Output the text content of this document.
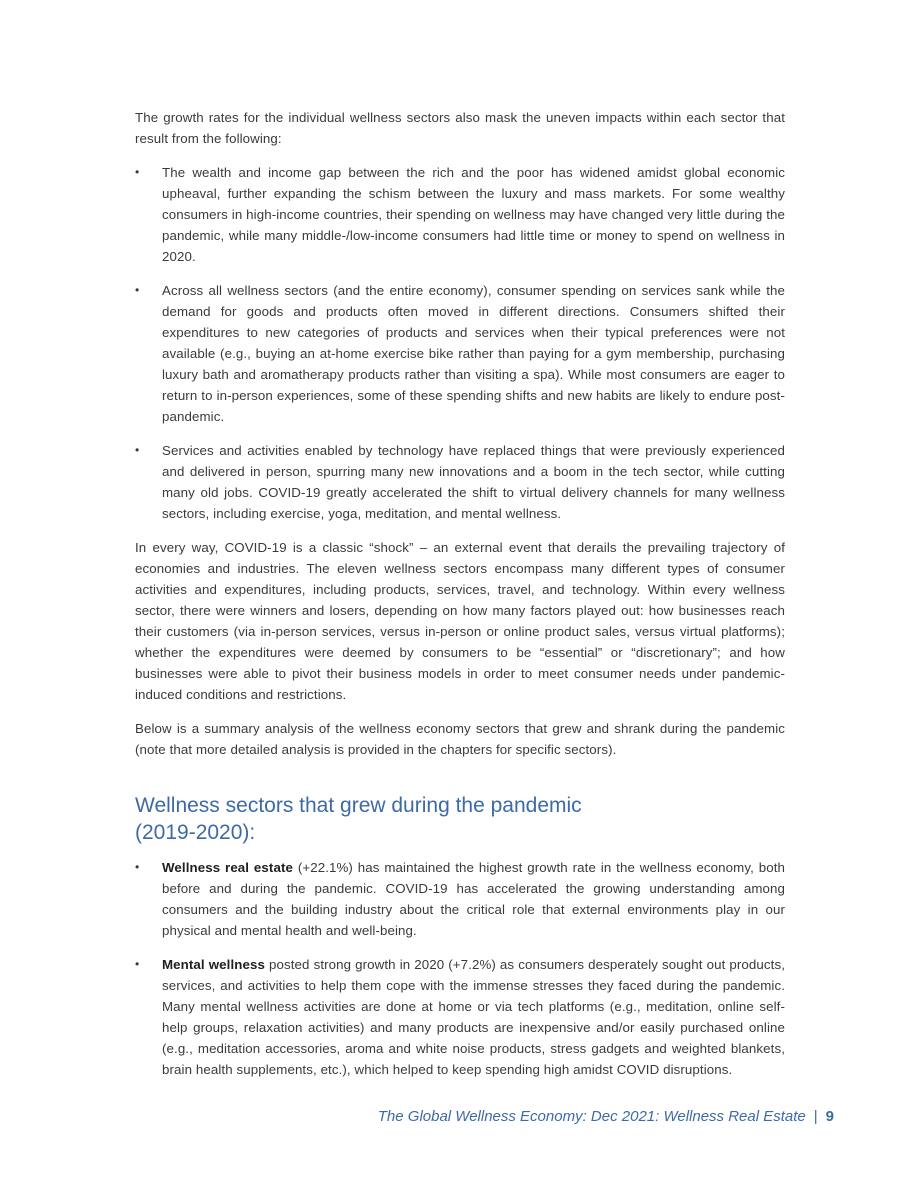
The growth rates for the individual wellness sectors also mask the uneven impacts within each sector that result from the following:

•	The wealth and income gap between the rich and the poor has widened amidst global economic upheaval, further expanding the schism between the luxury and mass markets. For some wealthy consumers in high-income countries, their spending on wellness may have changed very little during the pandemic, while many middle-/low-income consumers had little time or money to spend on wellness in 2020.
•	Across all wellness sectors (and the entire economy), consumer spending on services sank while the demand for goods and products often moved in different directions. Consumers shifted their expenditures to new categories of products and services when their typical preferences were not available (e.g., buying an at-home exercise bike rather than paying for a gym membership, purchasing luxury bath and aromatherapy products rather than visiting a spa). While most consumers are eager to return to in-person experiences, some of these spending shifts and new habits are likely to endure post-pandemic.
•	Services and activities enabled by technology have replaced things that were previously experienced and delivered in person, spurring many new innovations and a boom in the tech sector, while cutting many old jobs. COVID-19 greatly accelerated the shift to virtual delivery channels for many wellness sectors, including exercise, yoga, meditation, and mental wellness.

In every way, COVID-19 is a classic “shock” – an external event that derails the prevailing trajectory of economies and industries. The eleven wellness sectors encompass many different types of consumer activities and expenditures, including products, services, travel, and technology. Within every wellness sector, there were winners and losers, depending on how many factors played out: how businesses reach their customers (via in-person services, versus in-person or online product sales, versus virtual platforms); whether the expenditures were deemed by consumers to be “essential” or “discretionary”; and how businesses were able to pivot their business models in order to meet consumer needs under pandemic-induced conditions and restrictions.

Below is a summary analysis of the wellness economy sectors that grew and shrank during the pandemic (note that more detailed analysis is provided in the chapters for specific sectors).

Wellness sectors that grew during the pandemic
(2019-2020):
•	Wellness real estate (+22.1%) has maintained the highest growth rate in the wellness economy, both before and during the pandemic. COVID-19 has accelerated the growing understanding among consumers and the building industry about the critical role that external environments play in our physical and mental health and well-being.
•	Mental wellness posted strong growth in 2020 (+7.2%) as consumers desperately sought out products, services, and activities to help them cope with the immense stresses they faced during the pandemic. Many mental wellness activities are done at home or via tech platforms (e.g., meditation, online self-help groups, relaxation activities) and many products are inexpensive and/or easily purchased online (e.g., meditation accessories, aroma and white noise products, stress gadgets and weighted blankets, brain health supplements, etc.), which helped to keep spending high amidst COVID disruptions.
The Global Wellness Economy: Dec 2021: Wellness Real Estate | 9
